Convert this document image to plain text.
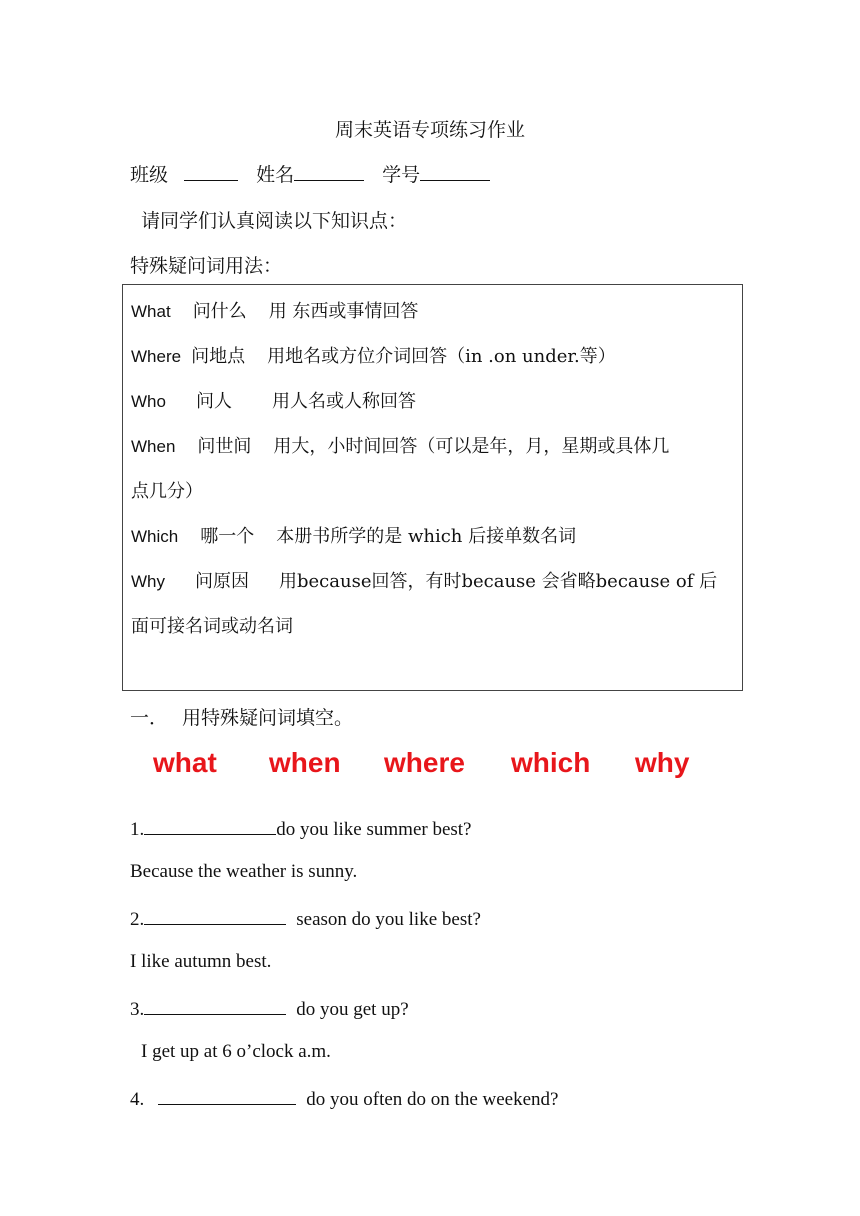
周末英语专项练习作业
班级	姓名	学号
请同学们认真阅读以下知识点：
特殊疑问词用法：
What 问什么 用 东西或事情回答
Where 问地点 用地名或方位介词回答（in .on under.等）
Who 问人 用人名或人称回答
When 问世间 用大，小时间回答（可以是年，月，星期或具体几
点几分）
Which 哪一个 本册书所学的是 which 后接单数名词
Why 问原因 用because回答，有时because 会省略because of 后
面可接名词或动名词
一． 用特殊疑问词填空。
what when where which why
1.	do you like summer best?
Because the weather is sunny.
2.	season do you like best?
I like autumn best.
3.	do you get up?
I get up at 6 o’clock a.m.
4.	do you often do on the weekend?
